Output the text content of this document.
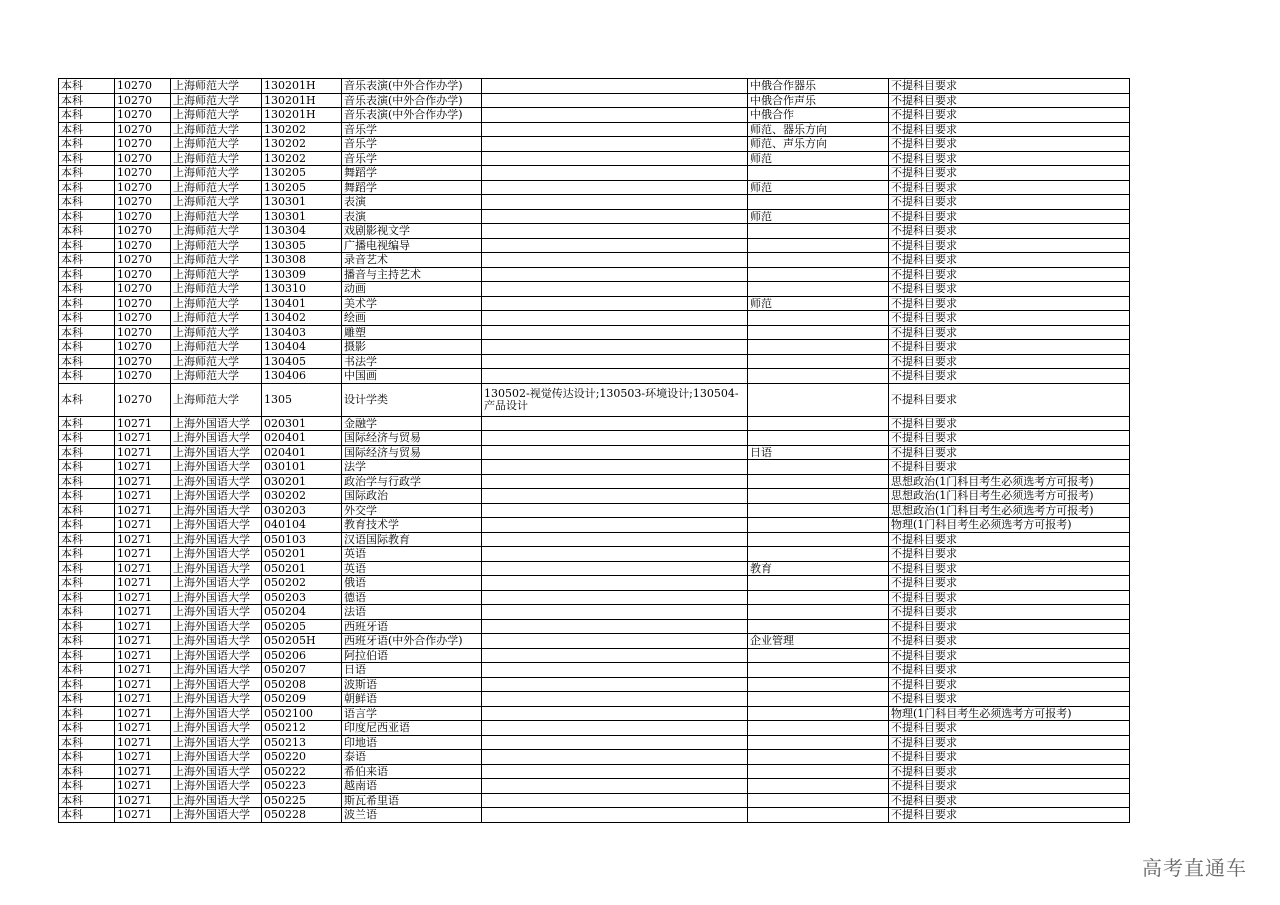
本科	10270	上海师范大学	130201H	音乐表演(中外合作办学)		中俄合作器乐	不提科目要求
本科	10270	上海师范大学	130201H	音乐表演(中外合作办学)		中俄合作声乐	不提科目要求
本科	10270	上海师范大学	130201H	音乐表演(中外合作办学)		中俄合作	不提科目要求
本科	10270	上海师范大学	130202	音乐学		师范、器乐方向	不提科目要求
本科	10270	上海师范大学	130202	音乐学		师范、声乐方向	不提科目要求
本科	10270	上海师范大学	130202	音乐学		师范	不提科目要求
本科	10270	上海师范大学	130205	舞蹈学			不提科目要求
本科	10270	上海师范大学	130205	舞蹈学		师范	不提科目要求
本科	10270	上海师范大学	130301	表演			不提科目要求
本科	10270	上海师范大学	130301	表演		师范	不提科目要求
本科	10270	上海师范大学	130304	戏剧影视文学			不提科目要求
本科	10270	上海师范大学	130305	广播电视编导			不提科目要求
本科	10270	上海师范大学	130308	录音艺术			不提科目要求
本科	10270	上海师范大学	130309	播音与主持艺术			不提科目要求
本科	10270	上海师范大学	130310	动画			不提科目要求
本科	10270	上海师范大学	130401	美术学		师范	不提科目要求
本科	10270	上海师范大学	130402	绘画			不提科目要求
本科	10270	上海师范大学	130403	雕塑			不提科目要求
本科	10270	上海师范大学	130404	摄影			不提科目要求
本科	10270	上海师范大学	130405	书法学			不提科目要求
本科	10270	上海师范大学	130406	中国画			不提科目要求
本科	10270	上海师范大学	1305	设计学类	130502-视觉传达设计;130503-环境设计;130504-产品设计		不提科目要求
本科	10271	上海外国语大学	020301	金融学			不提科目要求
本科	10271	上海外国语大学	020401	国际经济与贸易			不提科目要求
本科	10271	上海外国语大学	020401	国际经济与贸易		日语	不提科目要求
本科	10271	上海外国语大学	030101	法学			不提科目要求
本科	10271	上海外国语大学	030201	政治学与行政学			思想政治(1门科目考生必须选考方可报考)
本科	10271	上海外国语大学	030202	国际政治			思想政治(1门科目考生必须选考方可报考)
本科	10271	上海外国语大学	030203	外交学			思想政治(1门科目考生必须选考方可报考)
本科	10271	上海外国语大学	040104	教育技术学			物理(1门科目考生必须选考方可报考)
本科	10271	上海外国语大学	050103	汉语国际教育			不提科目要求
本科	10271	上海外国语大学	050201	英语			不提科目要求
本科	10271	上海外国语大学	050201	英语		教育	不提科目要求
本科	10271	上海外国语大学	050202	俄语			不提科目要求
本科	10271	上海外国语大学	050203	德语			不提科目要求
本科	10271	上海外国语大学	050204	法语			不提科目要求
本科	10271	上海外国语大学	050205	西班牙语			不提科目要求
本科	10271	上海外国语大学	050205H	西班牙语(中外合作办学)		企业管理	不提科目要求
本科	10271	上海外国语大学	050206	阿拉伯语			不提科目要求
本科	10271	上海外国语大学	050207	日语			不提科目要求
本科	10271	上海外国语大学	050208	波斯语			不提科目要求
本科	10271	上海外国语大学	050209	朝鲜语			不提科目要求
本科	10271	上海外国语大学	0502100	语言学			物理(1门科目考生必须选考方可报考)
本科	10271	上海外国语大学	050212	印度尼西亚语			不提科目要求
本科	10271	上海外国语大学	050213	印地语			不提科目要求
本科	10271	上海外国语大学	050220	泰语			不提科目要求
本科	10271	上海外国语大学	050222	希伯来语			不提科目要求
本科	10271	上海外国语大学	050223	越南语			不提科目要求
本科	10271	上海外国语大学	050225	斯瓦希里语			不提科目要求
本科	10271	上海外国语大学	050228	波兰语			不提科目要求
高考直通车
